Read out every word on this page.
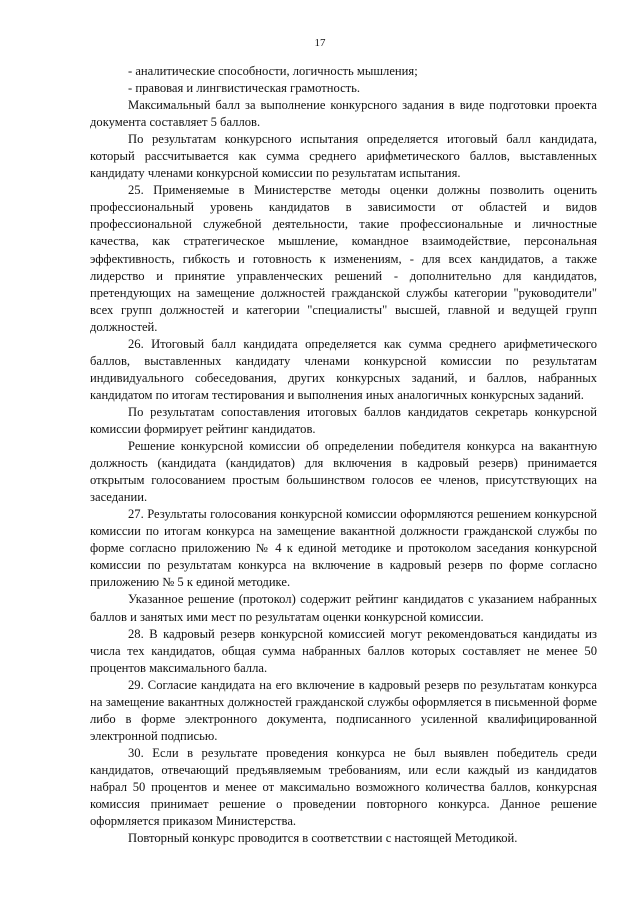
17

- аналитические способности, логичность мышления;

- правовая и лингвистическая грамотность.

Максимальный балл за выполнение конкурсного задания в виде подготовки проекта документа составляет 5 баллов.

По результатам конкурсного испытания определяется итоговый балл кандидата, который рассчитывается как сумма среднего арифметического баллов, выставленных кандидату членами конкурсной комиссии по результатам испытания.

25. Применяемые в Министерстве методы оценки должны позволить оценить профессиональный уровень кандидатов в зависимости от областей и видов профессиональной служебной деятельности, такие профессиональные и личностные качества, как стратегическое мышление, командное взаимодействие, персональная эффективность, гибкость и готовность к изменениям, - для всех кандидатов, а также лидерство и принятие управленческих решений - дополнительно для кандидатов, претендующих на замещение должностей гражданской службы категории "руководители" всех групп должностей и категории "специалисты" высшей, главной и ведущей групп должностей.

26. Итоговый балл кандидата определяется как сумма среднего арифметического баллов, выставленных кандидату членами конкурсной комиссии по результатам индивидуального собеседования, других конкурсных заданий, и баллов, набранных кандидатом по итогам тестирования и выполнения иных аналогичных конкурсных заданий.

По результатам сопоставления итоговых баллов кандидатов секретарь конкурсной комиссии формирует рейтинг кандидатов.

Решение конкурсной комиссии об определении победителя конкурса на вакантную должность (кандидата (кандидатов) для включения в кадровый резерв) принимается открытым голосованием простым большинством голосов ее членов, присутствующих на заседании.

27. Результаты голосования конкурсной комиссии оформляются решением конкурсной комиссии по итогам конкурса на замещение вакантной должности гражданской службы по форме согласно приложению № 4 к единой методике и протоколом заседания конкурсной комиссии по результатам конкурса на включение в кадровый резерв по форме согласно приложению № 5 к единой методике.

Указанное решение (протокол) содержит рейтинг кандидатов с указанием набранных баллов и занятых ими мест по результатам оценки конкурсной комиссии.

28. В кадровый резерв конкурсной комиссией могут рекомендоваться кандидаты из числа тех кандидатов, общая сумма набранных баллов которых составляет не менее 50 процентов максимального балла.

29. Согласие кандидата на его включение в кадровый резерв по результатам конкурса на замещение вакантных должностей гражданской службы оформляется в письменной форме либо в форме электронного документа, подписанного усиленной квалифицированной электронной подписью.

30. Если в результате проведения конкурса не был выявлен победитель среди кандидатов, отвечающий предъявляемым требованиям, или если каждый из кандидатов набрал 50 процентов и менее от максимально возможного количества баллов, конкурсная комиссия принимает решение о проведении повторного конкурса. Данное решение оформляется приказом Министерства.

Повторный конкурс проводится в соответствии с настоящей Методикой.
